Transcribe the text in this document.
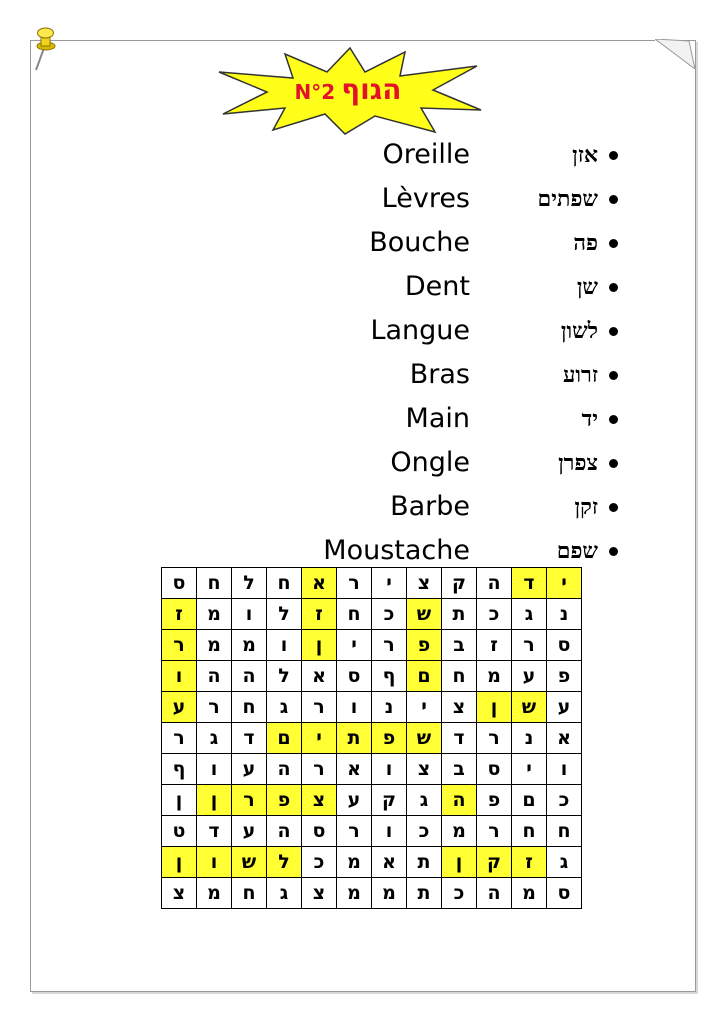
הגוףN°2
Oreille	אזן
Lèvres	שפתים
Bouche	פה
Dent	שן
Langue	לשון
Bras	זרוע
Main	יד
Ongle	צפרן
Barbe	זקן
Moustache	שפם
י	ד	ה	ק	צ	י	ר	א	ח	ל	ח	ס
נ	ג	כ	ת	ש	כ	ח	ז	ל	ו	מ	ז
ס	ר	ז	ב	פ	ר	י	ן	ו	מ	מ	ר
פ	ע	מ	ח	ם	ף	ס	א	ל	ה	ה	ו
ע	ש	ן	צ	י	נ	ו	ר	ג	ח	ר	ע
א	נ	ר	ד	ש	פ	ת	י	ם	ד	ג	ר
ו	י	ס	ב	צ	ו	א	ר	ה	ע	ו	ף
כ	ם	פ	ה	ג	ק	ע	צ	פ	ר	ן	ן
ח	ח	ר	מ	כ	ו	ר	ס	ה	ע	ד	ט
ג	ז	ק	ן	ת	א	מ	כ	ל	ש	ו	ן
ס	מ	ה	כ	ת	מ	מ	צ	ג	ח	מ	צ
